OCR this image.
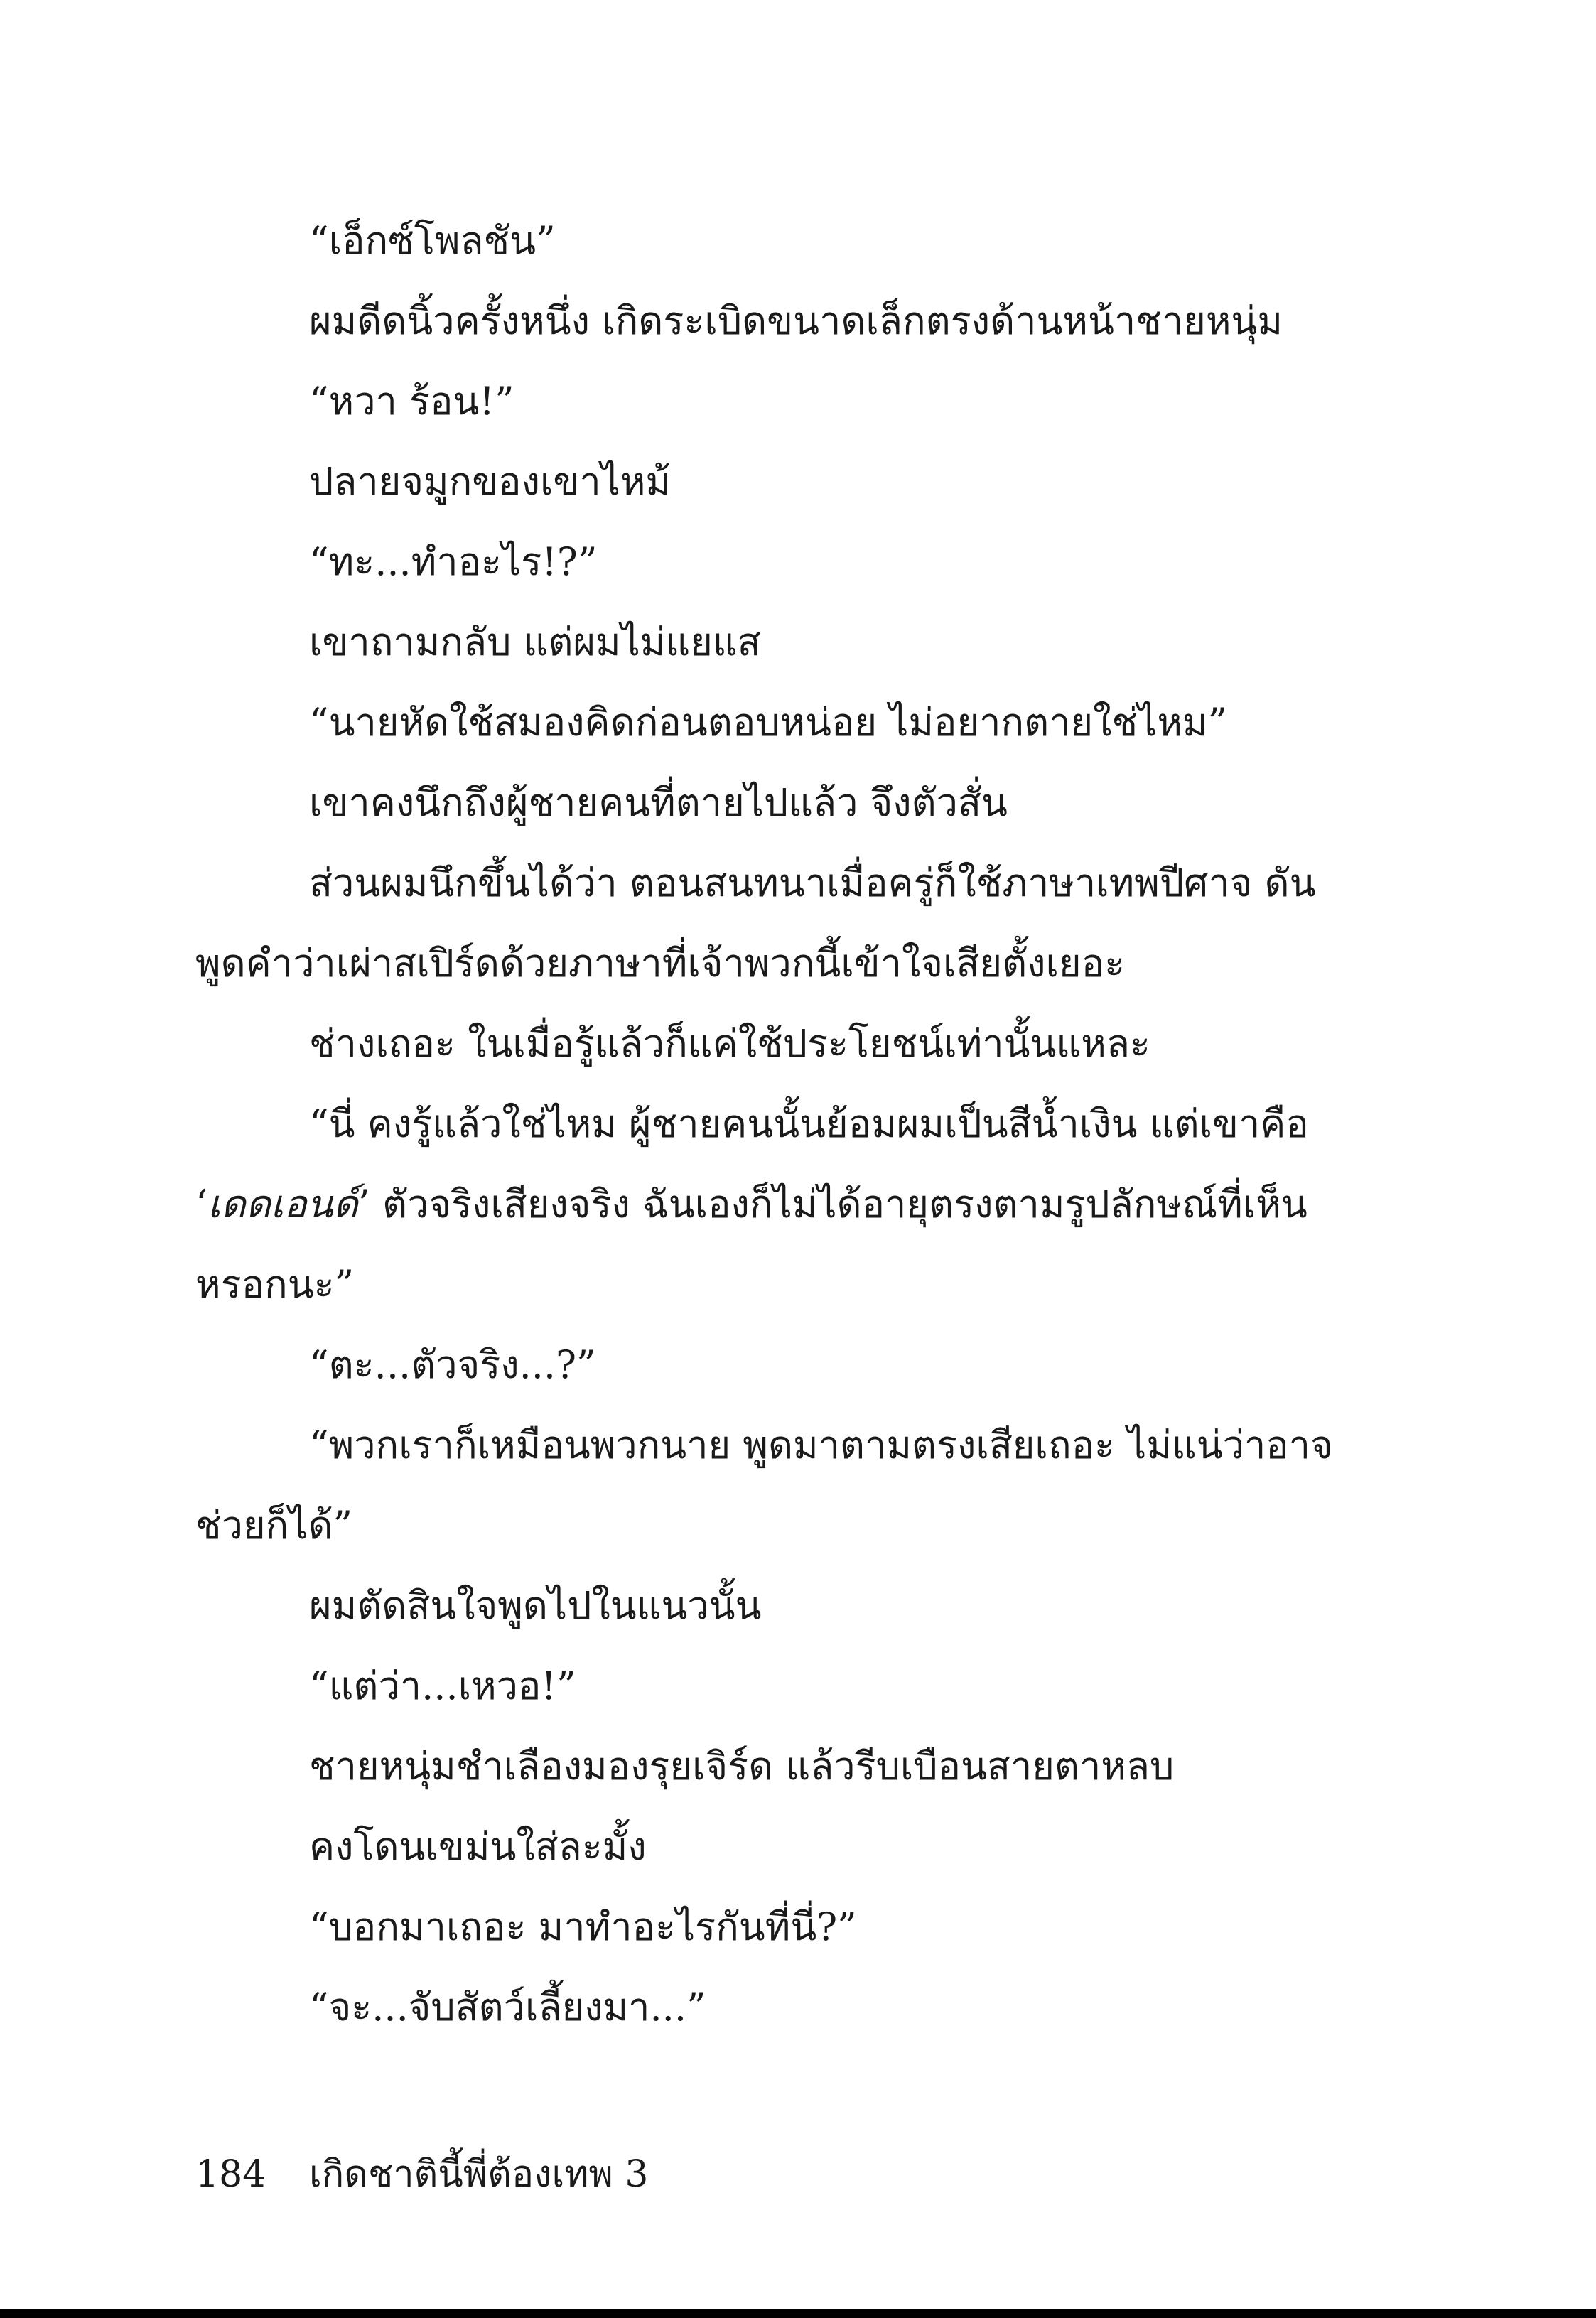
“เอ็กซ์โพลชัน”
ผมดีดนิ้วครั้งหนึ่ง เกิดระเบิดขนาดเล็กตรงด้านหน้าชายหนุ่ม
“หวา ร้อน!”
ปลายจมูกของเขาไหม้
“ทะ...ทำอะไร!?”
เขาถามกลับ แต่ผมไม่แยแส
“นายหัดใช้สมองคิดก่อนตอบหน่อย ไม่อยากตายใช่ไหม”
เขาคงนึกถึงผู้ชายคนที่ตายไปแล้ว จึงตัวสั่น
ส่วนผมนึกขึ้นได้ว่า ตอนสนทนาเมื่อครู่ก็ใช้ภาษาเทพปีศาจ ดัน
พูดคำว่าเผ่าสเปิร์ดด้วยภาษาที่เจ้าพวกนี้เข้าใจเสียตั้งเยอะ
ช่างเถอะ ในเมื่อรู้แล้วก็แค่ใช้ประโยชน์เท่านั้นแหละ
“นี่ คงรู้แล้วใช่ไหม ผู้ชายคนนั้นย้อมผมเป็นสีน้ำเงิน แต่เขาคือ
‘เดดเอนด์’ ตัวจริงเสียงจริง ฉันเองก็ไม่ได้อายุตรงตามรูปลักษณ์ที่เห็น
หรอกนะ”
“ตะ...ตัวจริง...?”
“พวกเราก็เหมือนพวกนาย พูดมาตามตรงเสียเถอะ ไม่แน่ว่าอาจ
ช่วยก็ได้”
ผมตัดสินใจพูดไปในแนวนั้น
“แต่ว่า...เหวอ!”
ชายหนุ่มชำเลืองมองรุยเจิร์ด แล้วรีบเบือนสายตาหลบ
คงโดนเขม่นใส่ละมั้ง
“บอกมาเถอะ มาทำอะไรกันที่นี่?”
“จะ...จับสัตว์เลี้ยงมา...”
184 เกิดชาตินี้พี่ต้องเทพ 3
